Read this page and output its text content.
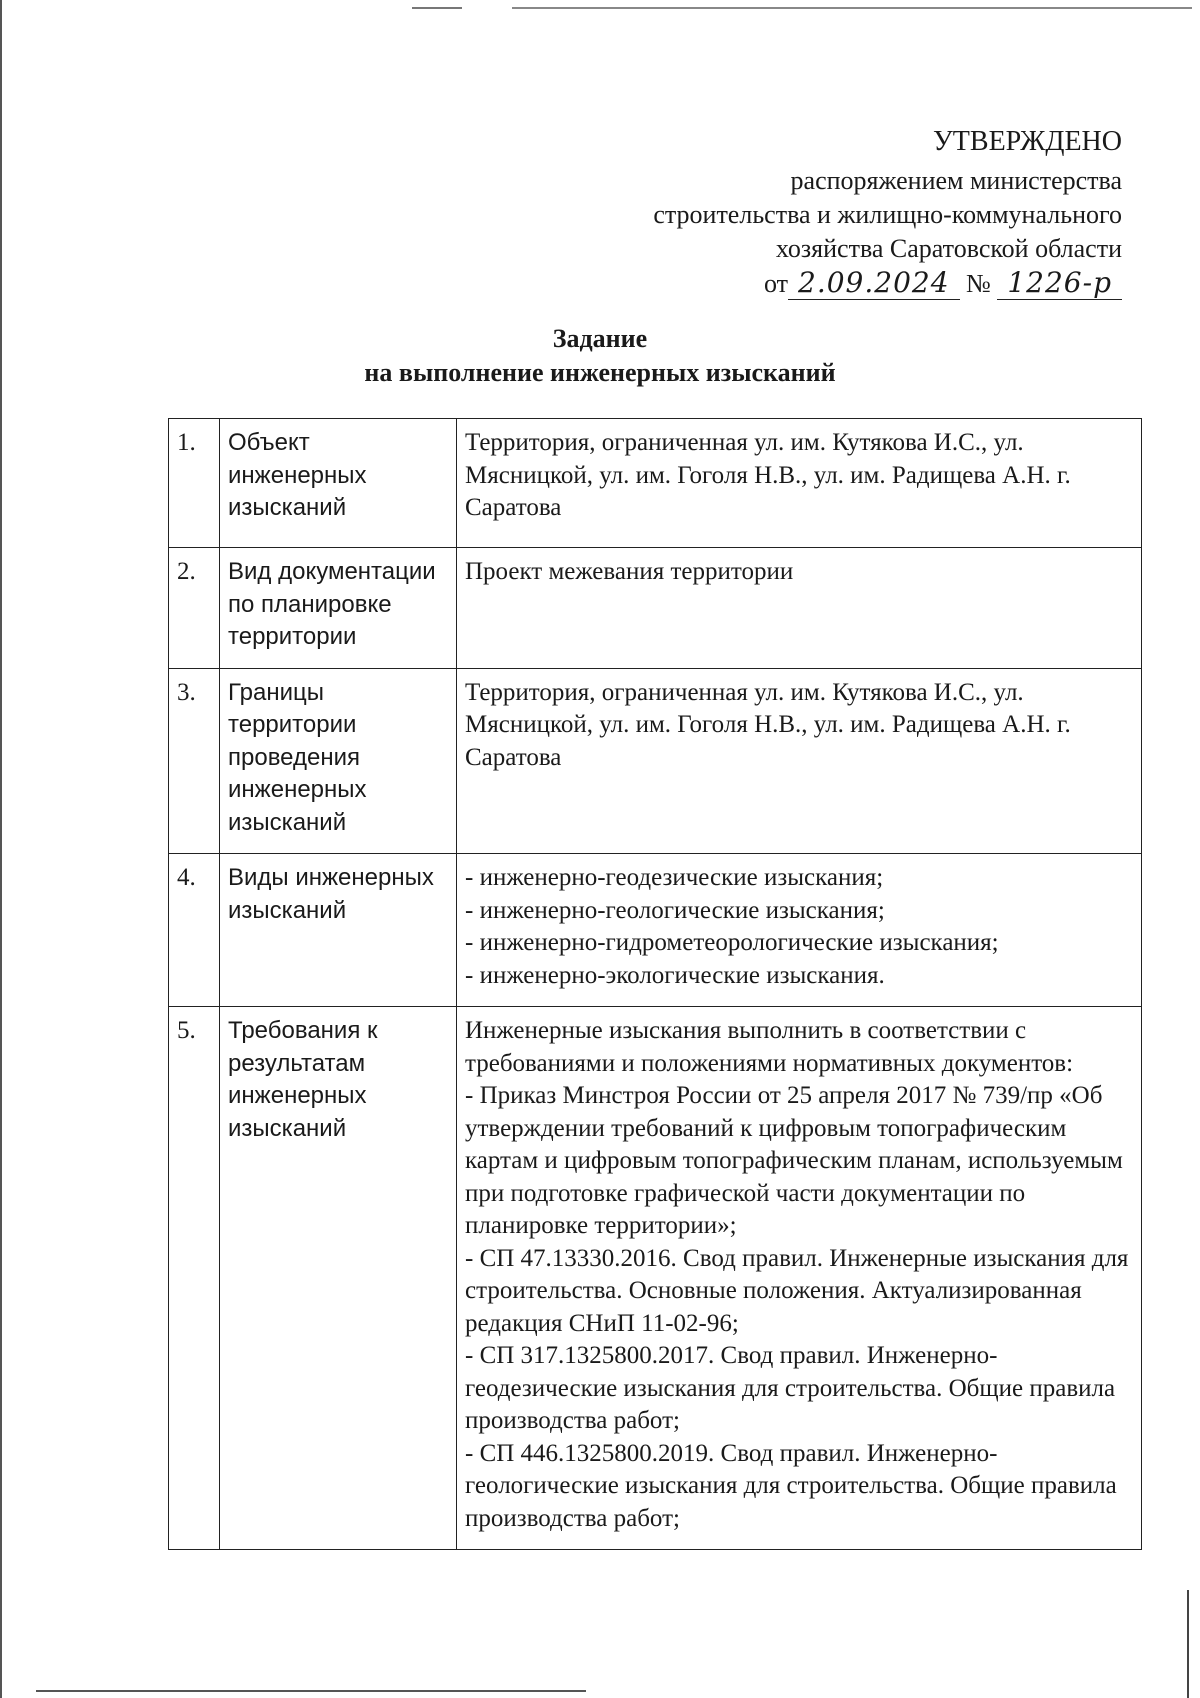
УТВЕРЖДЕНО
распоряжением министерства
строительства и жилищно-коммунального
хозяйства Саратовской области
от 2.09.2024 № 1226-р
Задание
на выполнение инженерных изысканий
1.	Объект инженерных изысканий	Территория, ограниченная ул. им. Кутякова И.С., ул. Мясницкой, ул. им. Гоголя Н.В., ул. им. Радищева А.Н. г. Саратова
2.	Вид документации по планировке территории	Проект межевания территории
3.	Границы территории проведения инженерных изысканий	Территория, ограниченная ул. им. Кутякова И.С., ул. Мясницкой, ул. им. Гоголя Н.В., ул. им. Радищева А.Н. г. Саратова
4.	Виды инженерных изысканий	- инженерно-геодезические изыскания;
- инженерно-геологические изыскания;
- инженерно-гидрометеорологические изыскания;
- инженерно-экологические изыскания.

5.	Требования к результатам инженерных изысканий	Инженерные изыскания выполнить в соответствии с требованиями и положениями нормативных документов:
- Приказ Минстроя России от 25 апреля 2017 № 739/пр «Об утверждении требований к цифровым топографическим картам и цифровым топографическим планам, используемым при подготовке графической части документации по планировке территории»;
- СП 47.13330.2016. Свод правил. Инженерные изыскания для строительства. Основные положения. Актуализированная редакция СНиП 11-02-96;
- СП 317.1325800.2017. Свод правил. Инженерно-геодезические изыскания для строительства. Общие правила производства работ;
- СП 446.1325800.2019. Свод правил. Инженерно-геологические изыскания для строительства. Общие правила производства работ;
